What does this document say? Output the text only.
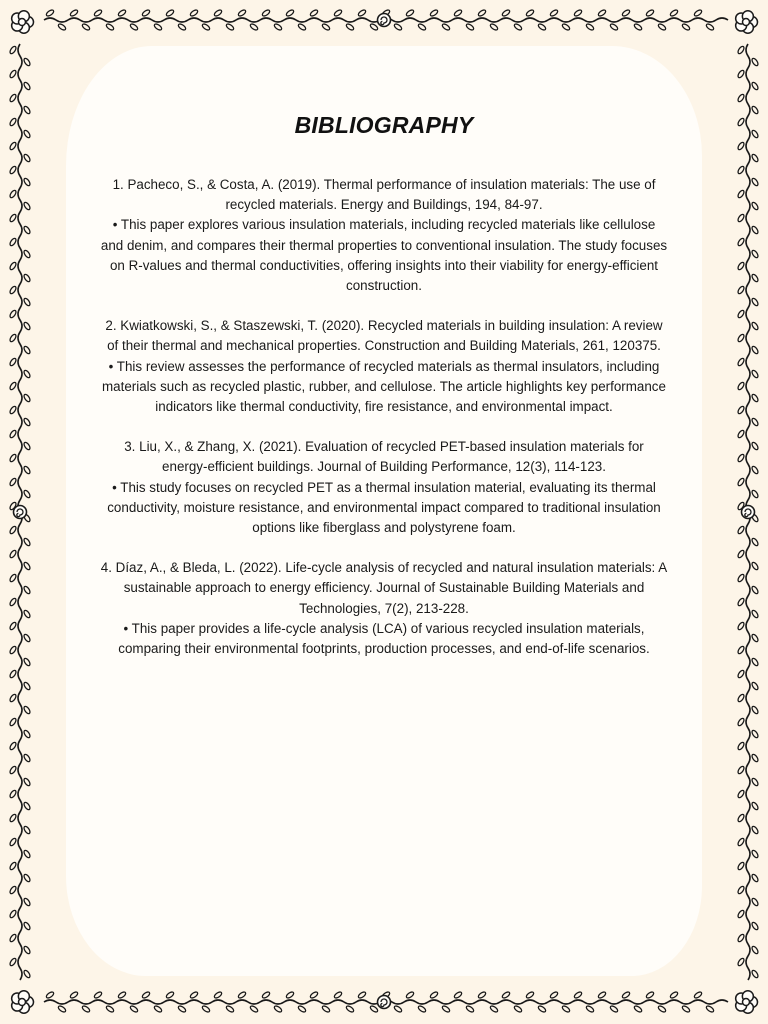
BIBLIOGRAPHY

1. Pacheco, S., & Costa, A. (2019). Thermal performance of insulation materials: The use of recycled materials. Energy and Buildings, 194, 84-97.

• This paper explores various insulation materials, including recycled materials like cellulose and denim, and compares their thermal properties to conventional insulation. The study focuses on R-values and thermal conductivities, offering insights into their viability for energy-efficient construction.

2. Kwiatkowski, S., & Staszewski, T. (2020). Recycled materials in building insulation: A review of their thermal and mechanical properties. Construction and Building Materials, 261, 120375.

• This review assesses the performance of recycled materials as thermal insulators, including materials such as recycled plastic, rubber, and cellulose. The article highlights key performance indicators like thermal conductivity, fire resistance, and environmental impact.

3. Liu, X., & Zhang, X. (2021). Evaluation of recycled PET-based insulation materials for energy-efficient buildings. Journal of Building Performance, 12(3), 114-123.

• This study focuses on recycled PET as a thermal insulation material, evaluating its thermal conductivity, moisture resistance, and environmental impact compared to traditional insulation options like fiberglass and polystyrene foam.

4. Díaz, A., & Bleda, L. (2022). Life-cycle analysis of recycled and natural insulation materials: A sustainable approach to energy efficiency. Journal of Sustainable Building Materials and Technologies, 7(2), 213-228.

• This paper provides a life-cycle analysis (LCA) of various recycled insulation materials, comparing their environmental footprints, production processes, and end-of-life scenarios.
